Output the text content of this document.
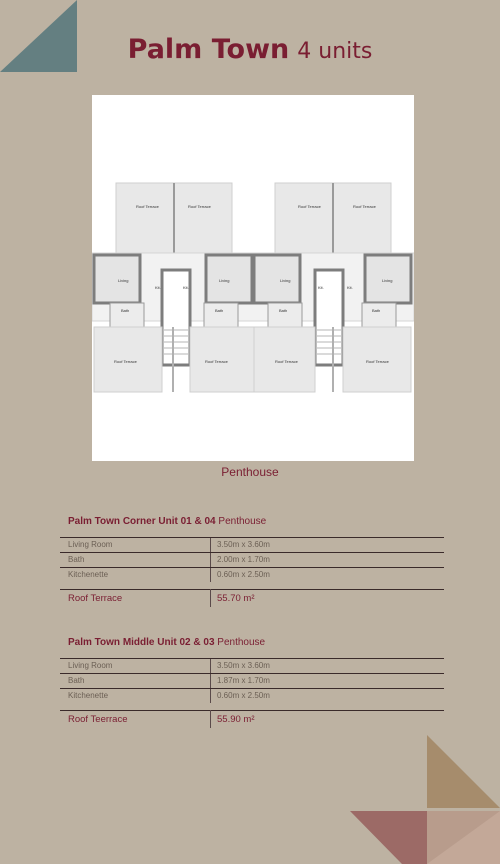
Palm Town 4 units
Roof Terrace	Roof Terrace	Roof Terrace	Roof Terrace
Living	Living	Living	Living
Kit.	Kit.	Kit.	Kit.
Bath	Bath	Bath	Bath
Roof Terrace	Roof Terrace	Roof Terrace	Roof Terrace
Penthouse
Palm Town Corner Unit 01 & 04 Penthouse
Living Room	3.50m x 3.60m
Bath	2.00m x 1.70m
Kitchenette	0.60m x 2.50m
Roof Terrace	55.70 m²
Palm Town Middle Unit 02 & 03 Penthouse
Living Room	3.50m x 3.60m
Bath	1.87m x 1.70m
Kitchenette	0.60m x 2.50m
Roof Teerrace	55.90 m²
